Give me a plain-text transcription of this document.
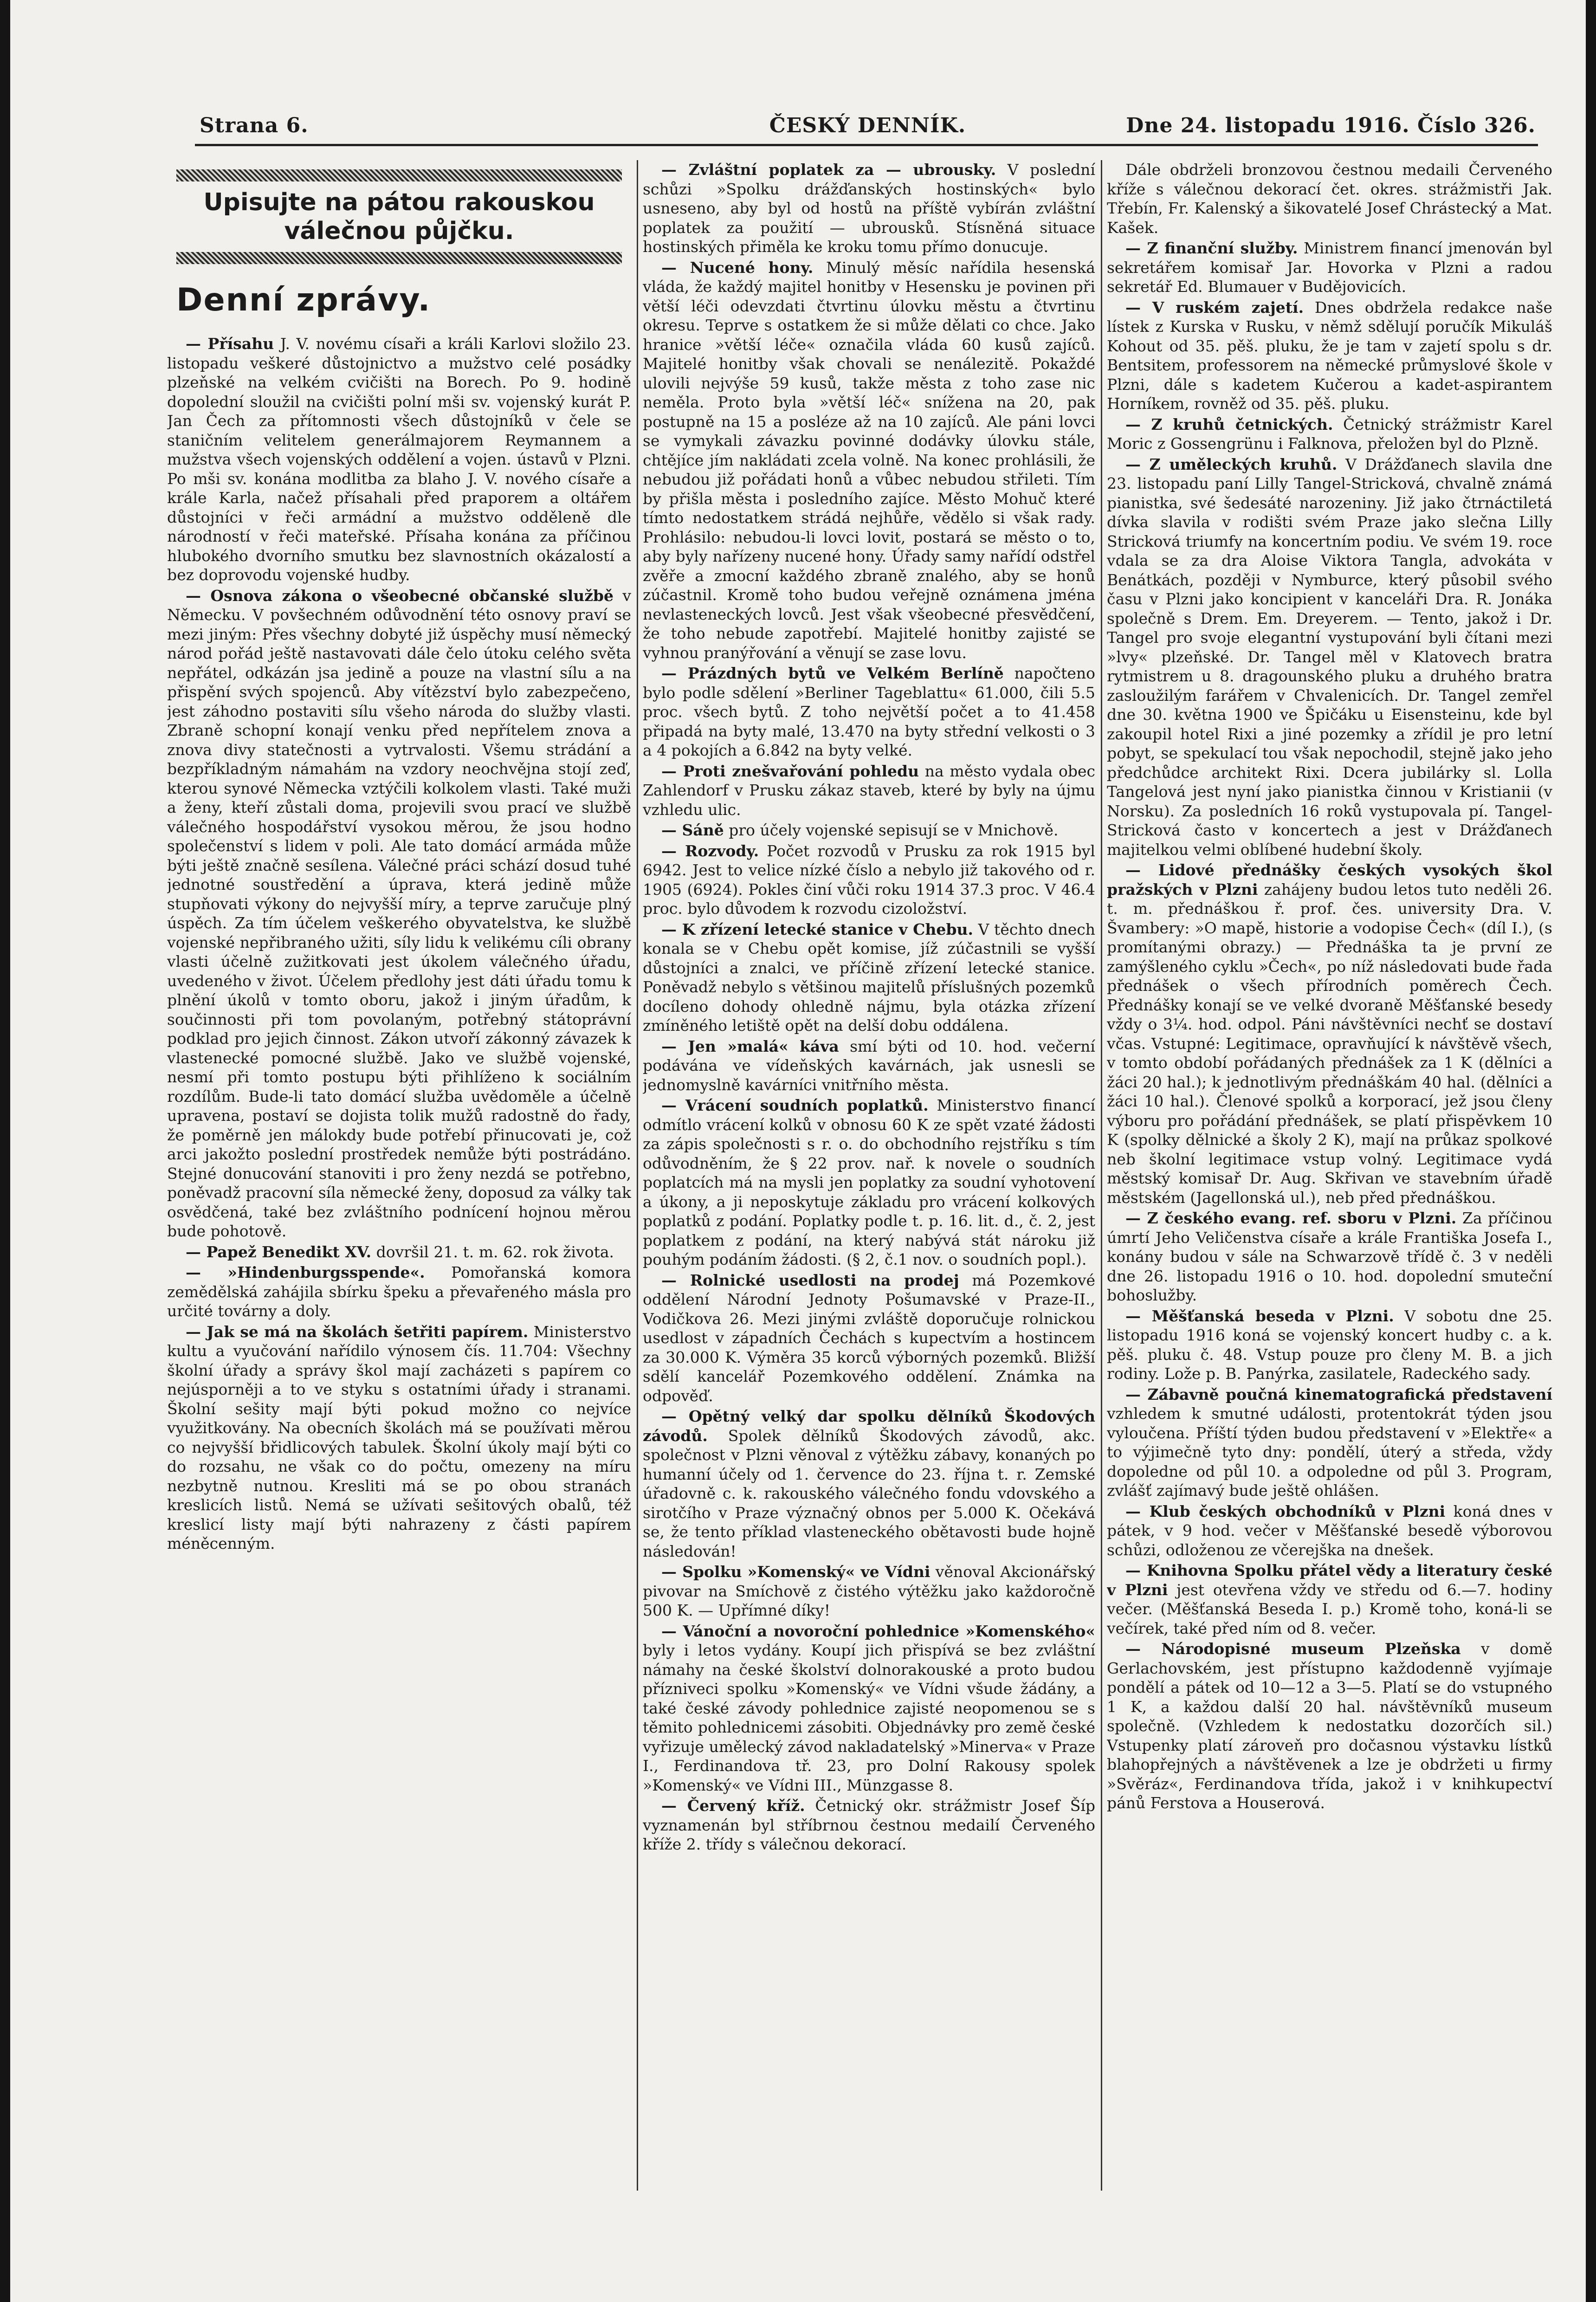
Strana 6.	ČESKÝ DENNÍK.	Dne 24. listopadu 1916. Číslo 326.
Upisujte na pátou rakouskou válečnou půjčku.
Denní zprávy.

— Přísahu J. V. novému císaři a králi Karlovi složilo 23. listopadu veškeré důstojnictvo a mužstvo celé posádky plzeňské na velkém cvičišti na Borech. Po 9. hodině dopolední sloužil na cvičišti polní mši sv. vojenský kurát P. Jan Čech za přítomnosti všech důstojníků v čele se staničním velitelem generálmajorem Reymannem a mužstva všech vojenských oddělení a vojen. ústavů v Plzni. Po mši sv. konána modlitba za blaho J. V. nového císaře a krále Karla, načež přísahali před praporem a oltářem důstojníci v řeči armádní a mužstvo odděleně dle národností v řeči mateřské. Přísaha konána za příčinou hlubokého dvorního smutku bez slavnostních okázalostí a bez doprovodu vojenské hudby.

— Osnova zákona o všeobecné občanské službě v Německu. V povšechném odůvodnění této osnovy praví se mezi jiným: Přes všechny dobyté již úspěchy musí německý národ pořád ještě nastavovati dále čelo útoku celého světa nepřátel, odkázán jsa jedině a pouze na vlastní sílu a na přispění svých spojenců. Aby vítězství bylo zabezpečeno, jest záhodno postaviti sílu všeho národa do služby vlasti. Zbraně schopní konají venku před nepřítelem znova a znova divy statečnosti a vytrvalosti. Všemu strádání a bezpříkladným námahám na vzdory neochvějna stojí zeď, kterou synové Německa vztýčili kolkolem vlasti. Také muži a ženy, kteří zůstali doma, projevili svou prací ve službě válečného hospodářství vysokou měrou, že jsou hodno společenství s lidem v poli. Ale tato domácí armáda může býti ještě značně sesílena. Válečné práci schází dosud tuhé jednotné soustředění a úprava, která jedině může stupňovati výkony do nejvyšší míry, a teprve zaručuje plný úspěch. Za tím účelem veškerého obyvatelstva, ke službě vojenské nepřibraného užiti, síly lidu k velikému cíli obrany vlasti účelně zužitkovati jest úkolem válečného úřadu, uvedeného v život. Účelem předlohy jest dáti úřadu tomu k plnění úkolů v tomto oboru, jakož i jiným úřadům, k součinnosti při tom povolaným, potřebný státoprávní podklad pro jejich činnost. Zákon utvoří zákonný závazek k vlastenecké pomocné službě. Jako ve službě vojenské, nesmí při tomto postupu býti přihlíženo k sociálním rozdílům. Bude-li tato domácí služba uvědoměle a účelně upravena, postaví se dojista tolik mužů radostně do řady, že poměrně jen málokdy bude potřebí přinucovati je, což arci jakožto poslední prostředek nemůže býti postrádáno. Stejné donucování stanoviti i pro ženy nezdá se potřebno, poněvadž pracovní síla německé ženy, doposud za války tak osvědčená, také bez zvláštního podnícení hojnou měrou bude pohotově.

— Papež Benedikt XV. dovršil 21. t. m. 62. rok života.

— »Hindenburgsspende«. Pomořanská komora zemědělská zahájila sbírku špeku a převařeného másla pro určité továrny a doly.

— Jak se má na školách šetřiti papírem. Ministerstvo kultu a vyučování nařídilo výnosem čís. 11.704: Všechny školní úřady a správy škol mají zacházeti s papírem co nejúsporněji a to ve styku s ostatními úřady i stranami. Školní sešity mají býti pokud možno co nejvíce využitkovány. Na obecních školách má se používati měrou co nejvyšší břidlicových tabulek. Školní úkoly mají býti co do rozsahu, ne však co do počtu, omezeny na míru nezbytně nutnou. Kresliti má se po obou stranách kreslicích listů. Nemá se užívati sešitových obalů, též kreslicí listy mají býti nahrazeny z části papírem méněcenným.

— Zvláštní poplatek za — ubrousky. V poslední schůzi »Spolku drážďanských hostinských« bylo usneseno, aby byl od hostů na příště vybírán zvláštní poplatek za použití — ubrousků. Stísněná situace hostinských přiměla ke kroku tomu přímo donucuje.

— Nucené hony. Minulý měsíc nařídila hesenská vláda, že každý majitel honitby v Hesensku je povinen při větší léči odevzdati čtvrtinu úlovku městu a čtvrtinu okresu. Teprve s ostatkem že si může dělati co chce. Jako hranice »větší léče« označila vláda 60 kusů zajíců. Majitelé honitby však chovali se nenálezitě. Pokaždé ulovili nejvýše 59 kusů, takže města z toho zase nic neměla. Proto byla »větší léč« snížena na 20, pak postupně na 15 a posléze až na 10 zajíců. Ale páni lovci se vymykali závazku povinné dodávky úlovku stále, chtějíce jím nakládati zcela volně. Na konec prohlásili, že nebudou již pořádati honů a vůbec nebudou střileti. Tím by přišla města i posledního zajíce. Město Mohuč které tímto nedostatkem strádá nejhůře, vědělo si však rady. Prohlásilo: nebudou-li lovci lovit, postará se město o to, aby byly nařízeny nucené hony. Úřady samy nařídí odstřel zvěře a zmocní každého zbraně znalého, aby se honů zúčastnil. Kromě toho budou veřejně oznámena jména nevlasteneckých lovců. Jest však všeobecné přesvědčení, že toho nebude zapotřebí. Majitelé honitby zajisté se vyhnou pranýřování a věnují se zase lovu.

— Prázdných bytů ve Velkém Berlíně napočteno bylo podle sdělení »Berliner Tageblattu« 61.000, čili 5.5 proc. všech bytů. Z toho největší počet a to 41.458 připadá na byty malé, 13.470 na byty střední velkosti o 3 a 4 pokojích a 6.842 na byty velké.

— Proti znešvařování pohledu na město vydala obec Zahlendorf v Prusku zákaz staveb, které by byly na újmu vzhledu ulic.

— Sáně pro účely vojenské sepisují se v Mnichově.

— Rozvody. Počet rozvodů v Prusku za rok 1915 byl 6942. Jest to velice nízké číslo a nebylo již takového od r. 1905 (6924). Pokles činí vůči roku 1914 37.3 proc. V 46.4 proc. bylo důvodem k rozvodu cizoložství.

— K zřízení letecké stanice v Chebu. V těchto dnech konala se v Chebu opět komise, jíž zúčastnili se vyšší důstojníci a znalci, ve příčině zřízení letecké stanice. Poněvadž nebylo s většinou majitelů příslušných pozemků docíleno dohody ohledně nájmu, byla otázka zřízení zmíněného letiště opět na delší dobu oddálena.

— Jen »malá« káva smí býti od 10. hod. večerní podávána ve vídeňských kavárnách, jak usnesli se jednomyslně kavárníci vnitřního města.

— Vrácení soudních poplatků. Ministerstvo financí odmítlo vrácení kolků v obnosu 60 K ze spět vzaté žádosti za zápis společnosti s r. o. do obchodního rejstříku s tím odůvodněním, že § 22 prov. nař. k novele o soudních poplatcích má na mysli jen poplatky za soudní vyhotovení a úkony, a ji neposkytuje základu pro vrácení kolkových poplatků z podání. Poplatky podle t. p. 16. lit. d., č. 2, jest poplatkem z podání, na který nabývá stát nároku již pouhým podáním žádosti. (§ 2, č.1 nov. o soudních popl.).

— Rolnické usedlosti na prodej má Pozemkové oddělení Národní Jednoty Pošumavské v Praze-II., Vodičkova 26. Mezi jinými zvláště doporučuje rolnickou usedlost v západních Čechách s kupectvím a hostincem za 30.000 K. Výměra 35 korců výborných pozemků. Bližší sdělí kancelář Pozemkového oddělení. Známka na odpověď.

— Opětný velký dar spolku dělníků Škodových závodů. Spolek dělníků Škodových závodů, akc. společnost v Plzni věnoval z výtěžku zábavy, konaných po humanní účely od 1. července do 23. října t. r. Zemské úřadovně c. k. rakouského válečného fondu vdovského a sirotčího v Praze význačný obnos per 5.000 K. Očekává se, že tento příklad vlasteneckého obětavosti bude hojně následován!

— Spolku »Komenský« ve Vídni věnoval Akcionářský pivovar na Smíchově z čistého výtěžku jako každoročně 500 K. — Upřímné díky!

— Vánoční a novoroční pohlednice »Komenského« byly i letos vydány. Koupí jich přispívá se bez zvláštní námahy na české školství dolnorakouské a proto budou přízniveci spolku »Komenský« ve Vídni všude žádány, a také české závody pohlednice zajisté neopomenou se s těmito pohlednicemi zásobiti. Objednávky pro země české vyřizuje umělecký závod nakladatelský »Minerva« v Praze I., Ferdinandova tř. 23, pro Dolní Rakousy spolek »Komenský« ve Vídni III., Münzgasse 8.

— Červený kříž. Četnický okr. strážmistr Josef Šíp vyznamenán byl stříbrnou čestnou medailí Červeného kříže 2. třídy s válečnou dekorací.

Dále obdrželi bronzovou čestnou medaili Červeného kříže s válečnou dekorací čet. okres. strážmistři Jak. Třebín, Fr. Kalenský a šikovatelé Josef Chrástecký a Mat. Kašek.

— Z finanční služby. Ministrem financí jmenován byl sekretářem komisař Jar. Hovorka v Plzni a radou sekretář Ed. Blumauer v Budějovicích.

— V ruském zajetí. Dnes obdržela redakce naše lístek z Kurska v Rusku, v němž sdělují poručík Mikuláš Kohout od 35. pěš. pluku, že je tam v zajetí spolu s dr. Bentsitem, professorem na německé průmyslové škole v Plzni, dále s kadetem Kučerou a kadet-aspirantem Horníkem, rovněž od 35. pěš. pluku.

— Z kruhů četnických. Četnický strážmistr Karel Moric z Gossengrünu i Falknova, přeložen byl do Plzně.

— Z uměleckých kruhů. V Drážďanech slavila dne 23. listopadu paní Lilly Tangel-Stricková, chvalně známá pianistka, své šedesáté narozeniny. Již jako čtrnáctiletá dívka slavila v rodišti svém Praze jako slečna Lilly Stricková triumfy na koncertním podiu. Ve svém 19. roce vdala se za dra Aloise Viktora Tangla, advokáta v Benátkách, později v Nymburce, který působil svého času v Plzni jako koncipient v kanceláři Dra. R. Jonáka společně s Drem. Em. Dreyerem. — Tento, jakož i Dr. Tangel pro svoje elegantní vystupování byli čítani mezi »lvy« plzeňské. Dr. Tangel měl v Klatovech bratra rytmistrem u 8. dragounského pluku a druhého bratra zasloužilým farářem v Chvalenicích. Dr. Tangel zemřel dne 30. května 1900 ve Špičáku u Eisensteinu, kde byl zakoupil hotel Rixi a jiné pozemky a zřídil je pro letní pobyt, se spekulací tou však nepochodil, stejně jako jeho předchůdce architekt Rixi. Dcera jubilárky sl. Lolla Tangelová jest nyní jako pianistka činnou v Kristianii (v Norsku). Za posledních 16 roků vystupovala pí. Tangel-Stricková často v koncertech a jest v Drážďanech majitelkou velmi oblíbené hudební školy.

— Lidové přednášky českých vysokých škol pražských v Plzni zahájeny budou letos tuto neděli 26. t. m. přednáškou ř. prof. čes. university Dra. V. Švambery: »O mapě, historie a vodopise Čech« (díl I.), (s promítanými obrazy.) — Přednáška ta je první ze zamýšleného cyklu »Čech«, po níž následovati bude řada přednášek o všech přírodních poměrech Čech. Přednášky konají se ve velké dvoraně Měšťanské besedy vždy o 3¼. hod. odpol. Páni návštěvníci nechť se dostaví včas. Vstupné: Legitimace, opravňující k návštěvě všech, v tomto období pořádaných přednášek za 1 K (dělníci a žáci 20 hal.); k jednotlivým přednáškám 40 hal. (dělníci a žáci 10 hal.). Členové spolků a korporací, jež jsou členy výboru pro pořádání přednášek, se platí přispěvkem 10 K (spolky dělnické a školy 2 K), mají na průkaz spolkové neb školní legitimace vstup volný. Legitimace vydá městský komisař Dr. Aug. Skřivan ve stavebním úřadě městském (Jagellonská ul.), neb před přednáškou.

— Z českého evang. ref. sboru v Plzni. Za příčinou úmrtí Jeho Veličenstva císaře a krále Františka Josefa I., konány budou v sále na Schwarzově třídě č. 3 v neděli dne 26. listopadu 1916 o 10. hod. dopolední smuteční bohoslužby.

— Měšťanská beseda v Plzni. V sobotu dne 25. listopadu 1916 koná se vojenský koncert hudby c. a k. pěš. pluku č. 48. Vstup pouze pro členy M. B. a jich rodiny. Lože p. B. Panýrka, zasilatele, Radeckého sady.

— Zábavně poučná kinematografická představení vzhledem k smutné události, protentokrát týden jsou vyloučena. Příští týden budou představení v »Elektře« a to výjimečně tyto dny: pondělí, úterý a středa, vždy dopoledne od půl 10. a odpoledne od půl 3. Program, zvlášť zajímavý bude ještě ohlášen.

— Klub českých obchodníků v Plzni koná dnes v pátek, v 9 hod. večer v Měšťanské besedě výborovou schůzi, odloženou ze včerejška na dnešek.

— Knihovna Spolku přátel vědy a literatury české v Plzni jest otevřena vždy ve středu od 6.—7. hodiny večer. (Měšťanská Beseda I. p.) Kromě toho, koná-li se večírek, také před ním od 8. večer.

— Národopisné museum Plzeňska v domě Gerlachovském, jest přístupno každodenně vyjímaje pondělí a pátek od 10—12 a 3—5. Platí se do vstupného 1 K, a každou další 20 hal. návštěvníků museum společně. (Vzhledem k nedostatku dozorčích sil.) Vstupenky platí zároveň pro dočasnou výstavku lístků blahopřejných a návštěvenek a lze je obdržeti u firmy »Svěráz«, Ferdinandova třída, jakož i v knihkupectví pánů Ferstova a Houserová.
